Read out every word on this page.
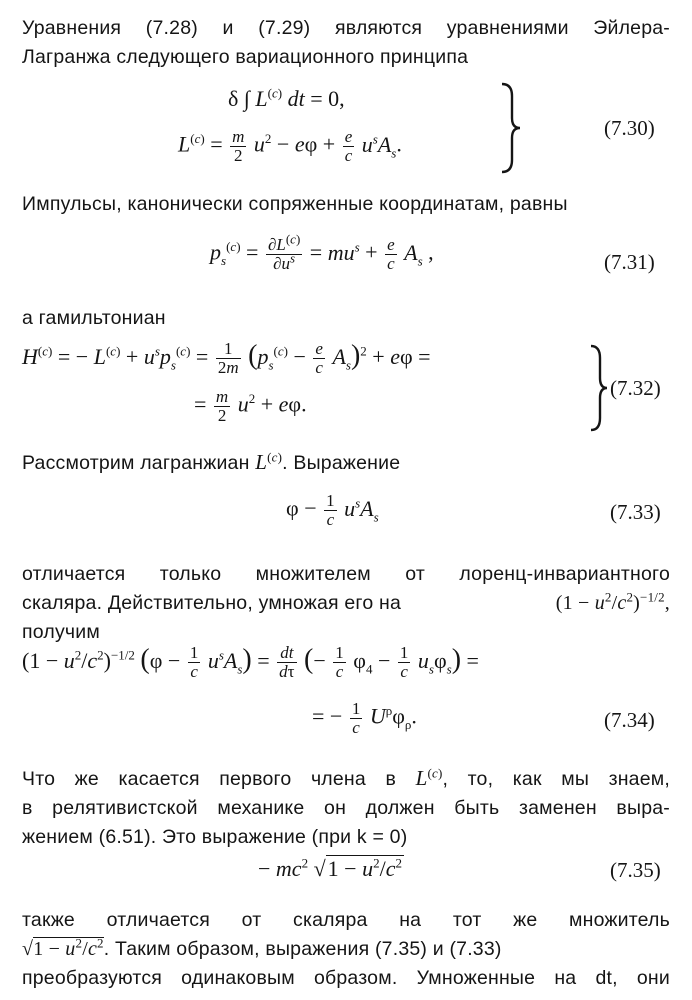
Уравнения (7.28) и (7.29) являются уравнениями Эйлера-
Лагранжа следующего вариационного принципа
δ ∫ $L^{(c)}$ dt = 0,
$L^{(c)} = \frac{m}{2} u^2 - e\varphi + \frac{e}{c} u^sA_s$.
(7.30)
Импульсы, канонически сопряженные координатам, равны
$p_s^{(c)} = \frac{\partial L^{(c)}}{\partial u^s} = mu^s + \frac{e}{c} A_s$ ,	(7.31)
а гамильтониан
$H^{(c)}$ = − $L^{(c)} + u^sp_s^{(c)} = \frac{1}{2m} (p_s^{(c)} - \frac{e}{c} A_s)^2 + e\varphi$ =
= $\frac{m}{2} u^2 + e\varphi$.
(7.32)
Рассмотрим лагранжиан $L^{(c)}$. Выражение
$\varphi - \frac{1}{c} u^sA_s$	(7.33)
отличается только множителем от лоренц-инвариантного
скаляра. Действительно, умножая его на	$(1 - u^2/c^2)^{-1/2}$,
получим
$(1 - u^2/c^2)^{-1/2}$ $(\varphi - \frac{1}{c} u^sA_s) = \frac{dt}{d\tau}$ (− $\frac{1}{c} \varphi_4 - \frac{1}{c} u_s\varphi_s$) =
= − $\frac{1}{c} U^\rho\varphi_\rho$.	(7.34)
Что же касается первого члена в $L^{(c)}$, то, как мы знаем,
в релятивистской механике он должен быть заменен выра-
жением (6.51). Это выражение (при k = 0)
− $mc^2$ $√1 - u^2/c^2$	(7.35)
также отличается от скаляра на тот же множитель
$√1 - u^2/c^2$. Таким образом, выражения (7.35) и (7.33)
преобразуются одинаковым образом. Умноженные на dt, они
